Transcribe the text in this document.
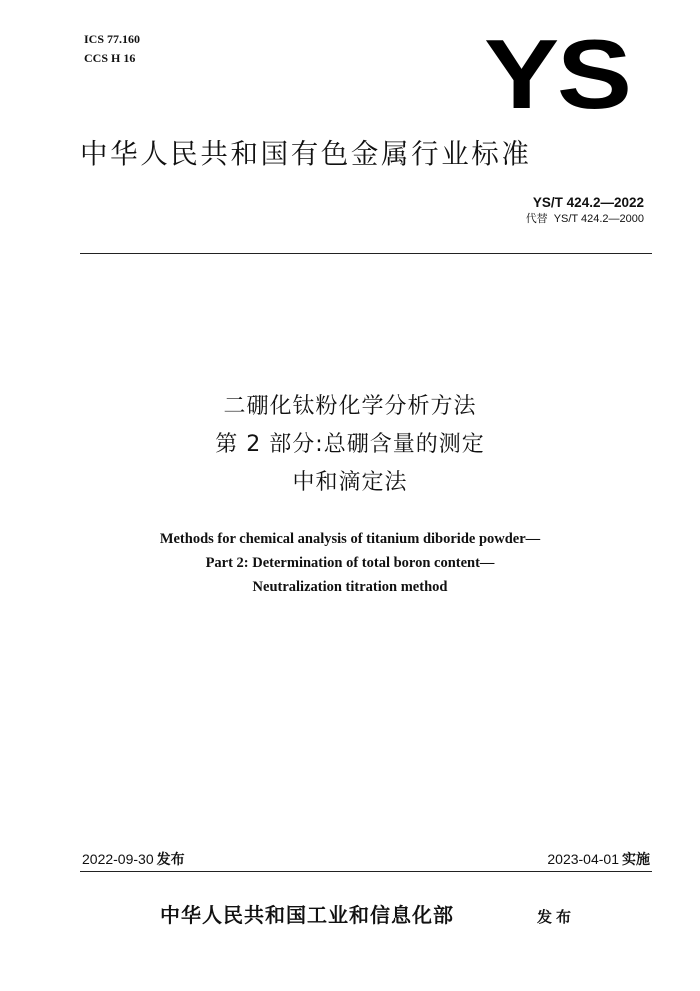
ICS 77.160
CCS H 16	YS
中华人民共和国有色金属行业标准
YS/T 424.2—2022
代替 YS/T 424.2—2000
二硼化钛粉化学分析方法
第 2 部分:总硼含量的测定
中和滴定法
Methods for chemical analysis of titanium diboride powder—
Part 2: Determination of total boron content—
Neutralization titration method
2022-09-30 发布	2023-04-01 实施
中华人民共和国工业和信息化部	发布
